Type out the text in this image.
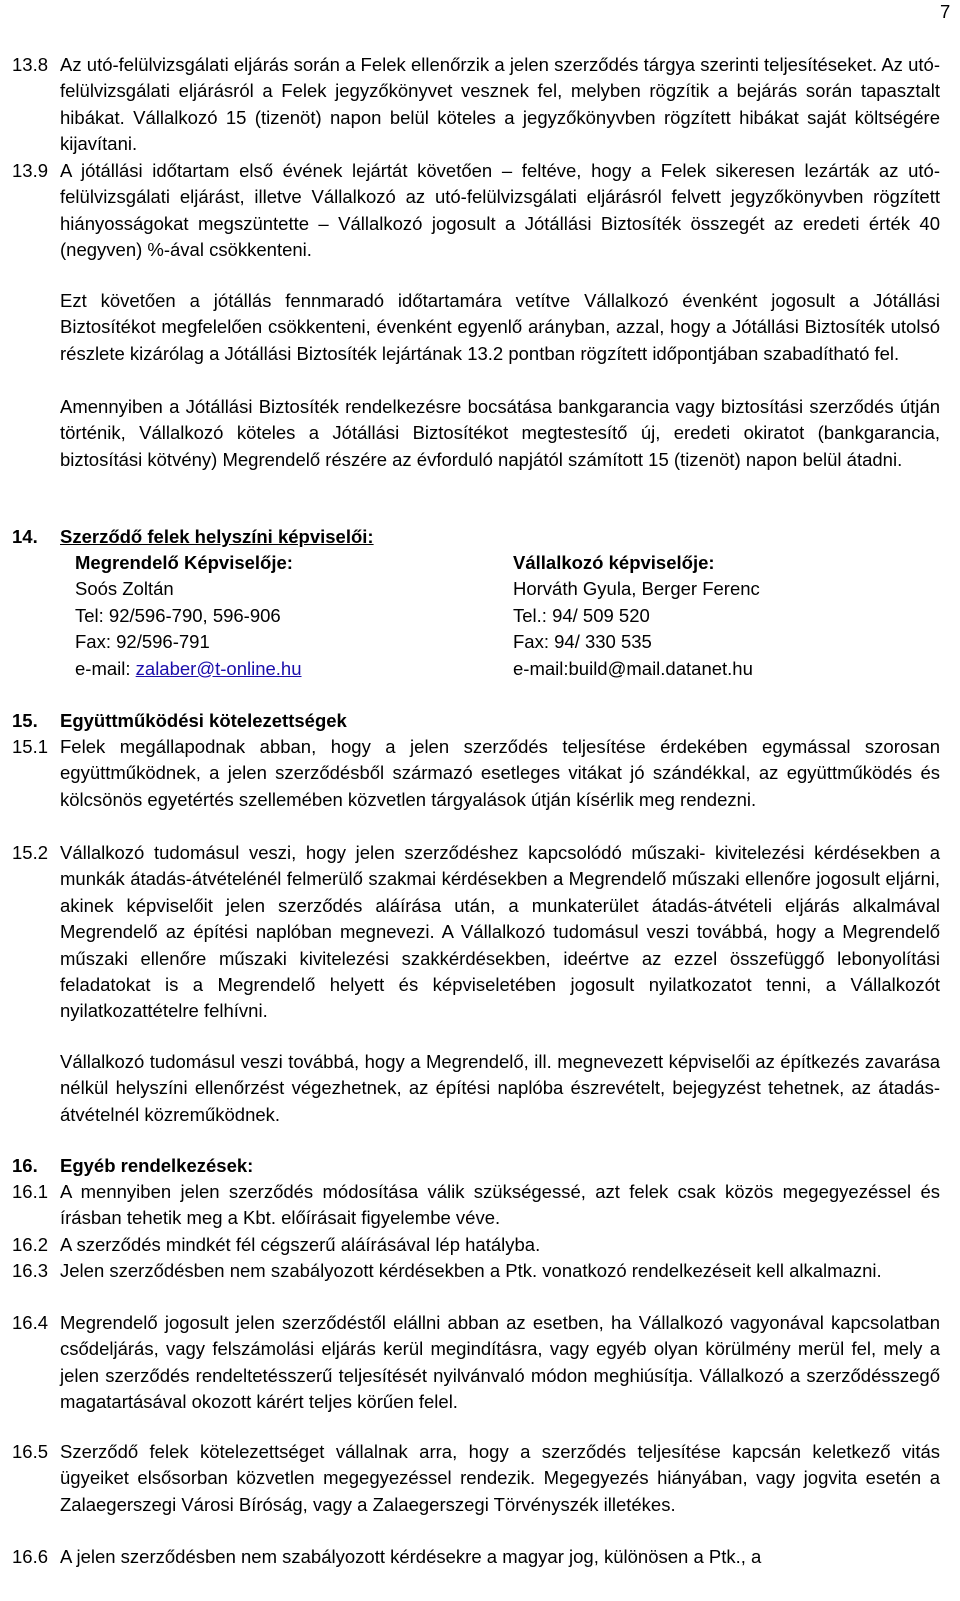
7
13.8 Az utó-felülvizsgálati eljárás során a Felek ellenőrzik a jelen szerződés tárgya szerinti teljesítéseket. Az utó-felülvizsgálati eljárásról a Felek jegyzőkönyvet vesznek fel, melyben rögzítik a bejárás során tapasztalt hibákat. Vállalkozó 15 (tizenöt) napon belül köteles a jegyzőkönyvben rögzített hibákat saját költségére kijavítani.
13.9 A jótállási időtartam első évének lejártát követően – feltéve, hogy a Felek sikeresen lezárták az utó-felülvizsgálati eljárást, illetve Vállalkozó az utó-felülvizsgálati eljárásról felvett jegyzőkönyvben rögzített hiányosságokat megszüntette – Vállalkozó jogosult a Jótállási Biztosíték összegét az eredeti érték 40 (negyven) %-ával csökkenteni.
Ezt követően a jótállás fennmaradó időtartamára vetítve Vállalkozó évenként jogosult a Jótállási Biztosítékot megfelelően csökkenteni, évenként egyenlő arányban, azzal, hogy a Jótállási Biztosíték utolsó részlete kizárólag a Jótállási Biztosíték lejártának 13.2 pontban rögzített időpontjában szabadítható fel.
Amennyiben a Jótállási Biztosíték rendelkezésre bocsátása bankgarancia vagy biztosítási szerződés útján történik, Vállalkozó köteles a Jótállási Biztosítékot megtestesítő új, eredeti okiratot (bankgarancia, biztosítási kötvény) Megrendelő részére az évforduló napjától számított 15 (tizenöt) napon belül átadni.
14. Szerződő felek helyszíni képviselői:
Megrendelő Képviselője:
Soós Zoltán
Tel: 92/596-790, 596-906
Fax: 92/596-791
e-mail: zalaber@t-online.hu
Vállalkozó képviselője:
Horváth Gyula, Berger Ferenc
Tel.: 94/ 509 520
Fax: 94/ 330 535
e-mail:build@mail.datanet.hu
15. Együttműködési kötelezettségek
15.1 Felek megállapodnak abban, hogy a jelen szerződés teljesítése érdekében egymással szorosan együttműködnek, a jelen szerződésből származó esetleges vitákat jó szándékkal, az együttműködés és kölcsönös egyetértés szellemében közvetlen tárgyalások útján kísérlik meg rendezni.
15.2 Vállalkozó tudomásul veszi, hogy jelen szerződéshez kapcsolódó műszaki- kivitelezési kérdésekben a munkák átadás-átvételénél felmerülő szakmai kérdésekben a Megrendelő műszaki ellenőre jogosult eljárni, akinek képviselőit jelen szerződés aláírása után, a munkaterület átadás-átvételi eljárás alkalmával Megrendelő az építési naplóban megnevezi. A Vállalkozó tudomásul veszi továbbá, hogy a Megrendelő műszaki ellenőre műszaki kivitelezési szakkérdésekben, ideértve az ezzel összefüggő lebonyolítási feladatokat is a Megrendelő helyett és képviseletében jogosult nyilatkozatot tenni, a Vállalkozót nyilatkozattételre felhívni.
Vállalkozó tudomásul veszi továbbá, hogy a Megrendelő, ill. megnevezett képviselői az építkezés zavarása nélkül helyszíni ellenőrzést végezhetnek, az építési naplóba észrevételt, bejegyzést tehetnek, az átadás-átvételnél közreműködnek.
16. Egyéb rendelkezések:
16.1 A mennyiben jelen szerződés módosítása válik szükségessé, azt felek csak közös megegyezéssel és írásban tehetik meg a Kbt. előírásait figyelembe véve.
16.2 A szerződés mindkét fél cégszerű aláírásával lép hatályba.
16.3 Jelen szerződésben nem szabályozott kérdésekben a Ptk. vonatkozó rendelkezéseit kell alkalmazni.
16.4 Megrendelő jogosult jelen szerződéstől elállni abban az esetben, ha Vállalkozó vagyonával kapcsolatban csődeljárás, vagy felszámolási eljárás kerül megindításra, vagy egyéb olyan körülmény merül fel, mely a jelen szerződés rendeltetésszerű teljesítését nyilvánvaló módon meghiúsítja. Vállalkozó a szerződésszegő magatartásával okozott kárért teljes körűen felel.
16.5 Szerződő felek kötelezettséget vállalnak arra, hogy a szerződés teljesítése kapcsán keletkező vitás ügyeiket elsősorban közvetlen megegyezéssel rendezik. Megegyezés hiányában, vagy jogvita esetén a Zalaegerszegi Városi Bíróság, vagy a Zalaegerszegi Törvényszék illetékes.
16.6 A jelen szerződésben nem szabályozott kérdésekre a magyar jog, különösen a Ptk., a
